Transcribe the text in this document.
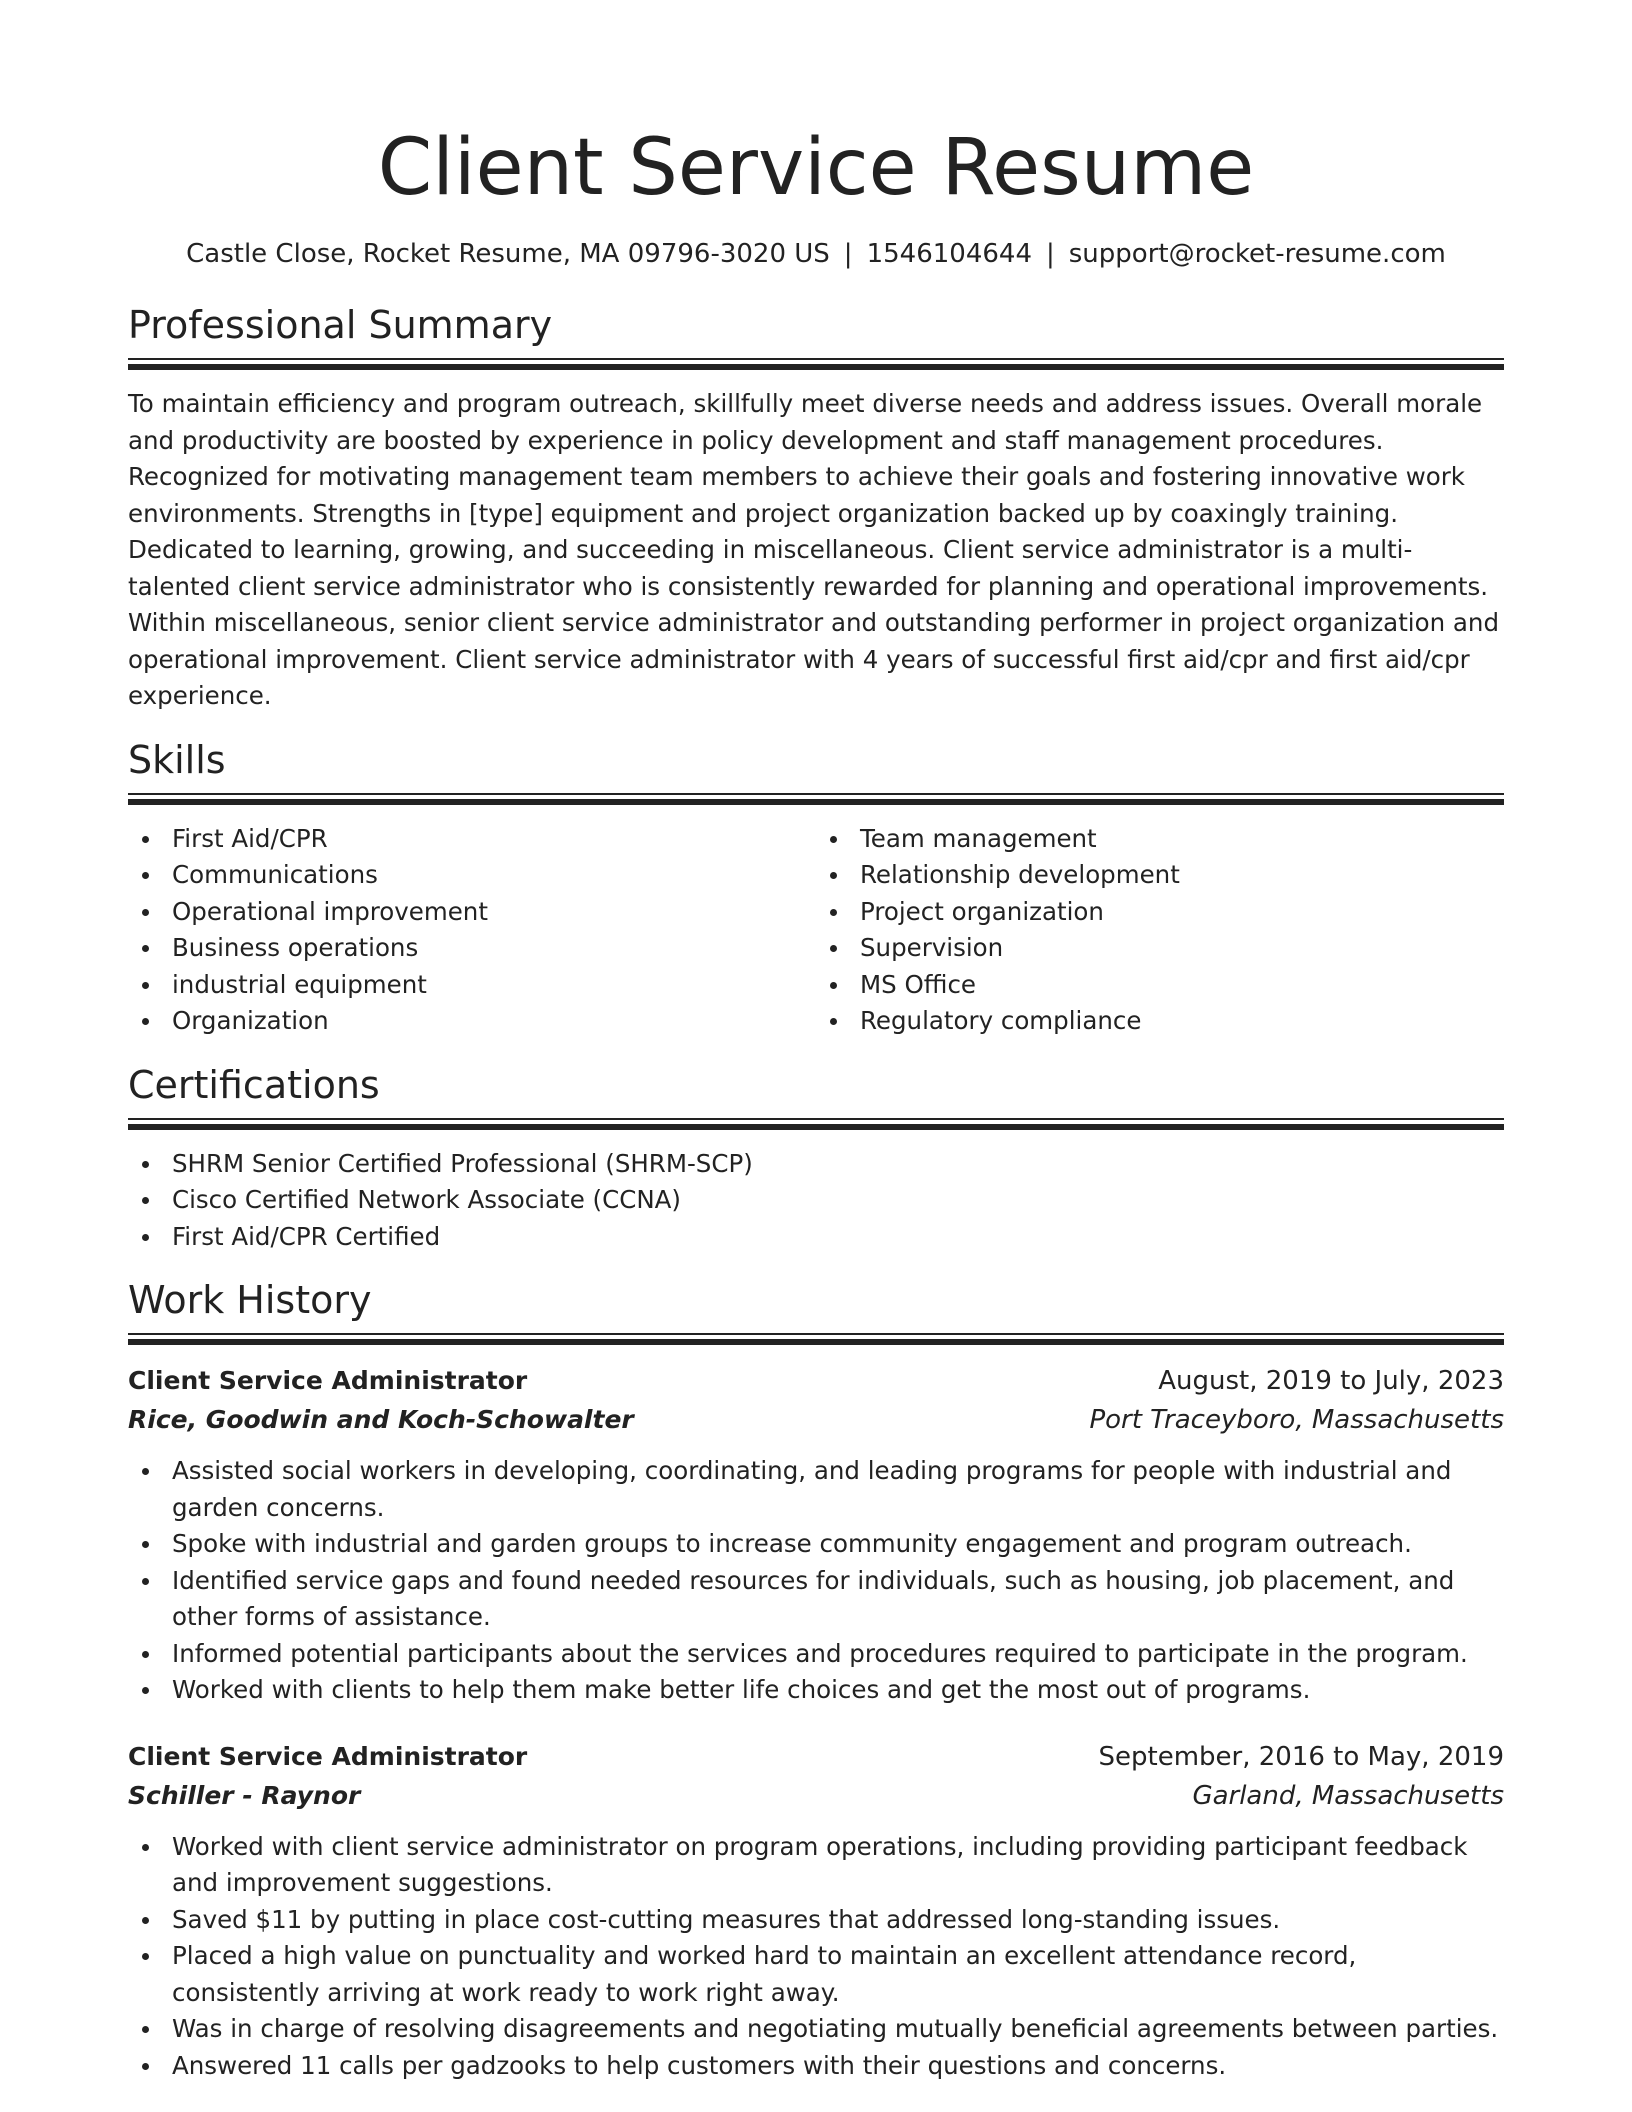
Client Service Resume
Castle Close, Rocket Resume, MA 09796-3020 US | 1546104644 | support@rocket-resume.com
Professional Summary

To maintain efficiency and program outreach, skillfully meet diverse needs and address issues. Overall morale and productivity are boosted by experience in policy development and staff management procedures. Recognized for motivating management team members to achieve their goals and fostering innovative work environments. Strengths in [type] equipment and project organization backed up by coaxingly training. Dedicated to learning, growing, and succeeding in miscellaneous. Client service administrator is a multi-talented client service administrator who is consistently rewarded for planning and operational improvements. Within miscellaneous, senior client service administrator and outstanding performer in project organization and operational improvement. Client service administrator with 4 years of successful first aid/cpr and first aid/cpr experience.

Skills
First Aid/CPR
Communications
Operational improvement
Business operations
industrial equipment
Organization
Team management
Relationship development
Project organization
Supervision
MS Office
Regulatory compliance
Certifications
SHRM Senior Certified Professional (SHRM-SCP)
Cisco Certified Network Associate (CCNA)
First Aid/CPR Certified
Work History
Client Service Administrator	August, 2019 to July, 2023
Rice, Goodwin and Koch-Schowalter	Port Traceyboro, Massachusetts
Assisted social workers in developing, coordinating, and leading programs for people with industrial and garden concerns.
Spoke with industrial and garden groups to increase community engagement and program outreach.
Identified service gaps and found needed resources for individuals, such as housing, job placement, and other forms of assistance.
Informed potential participants about the services and procedures required to participate in the program.
Worked with clients to help them make better life choices and get the most out of programs.
Client Service Administrator	September, 2016 to May, 2019
Schiller - Raynor	Garland, Massachusetts
Worked with client service administrator on program operations, including providing participant feedback and improvement suggestions.
Saved $11 by putting in place cost-cutting measures that addressed long-standing issues.
Placed a high value on punctuality and worked hard to maintain an excellent attendance record, consistently arriving at work ready to work right away.
Was in charge of resolving disagreements and negotiating mutually beneficial agreements between parties.
Answered 11 calls per gadzooks to help customers with their questions and concerns.
